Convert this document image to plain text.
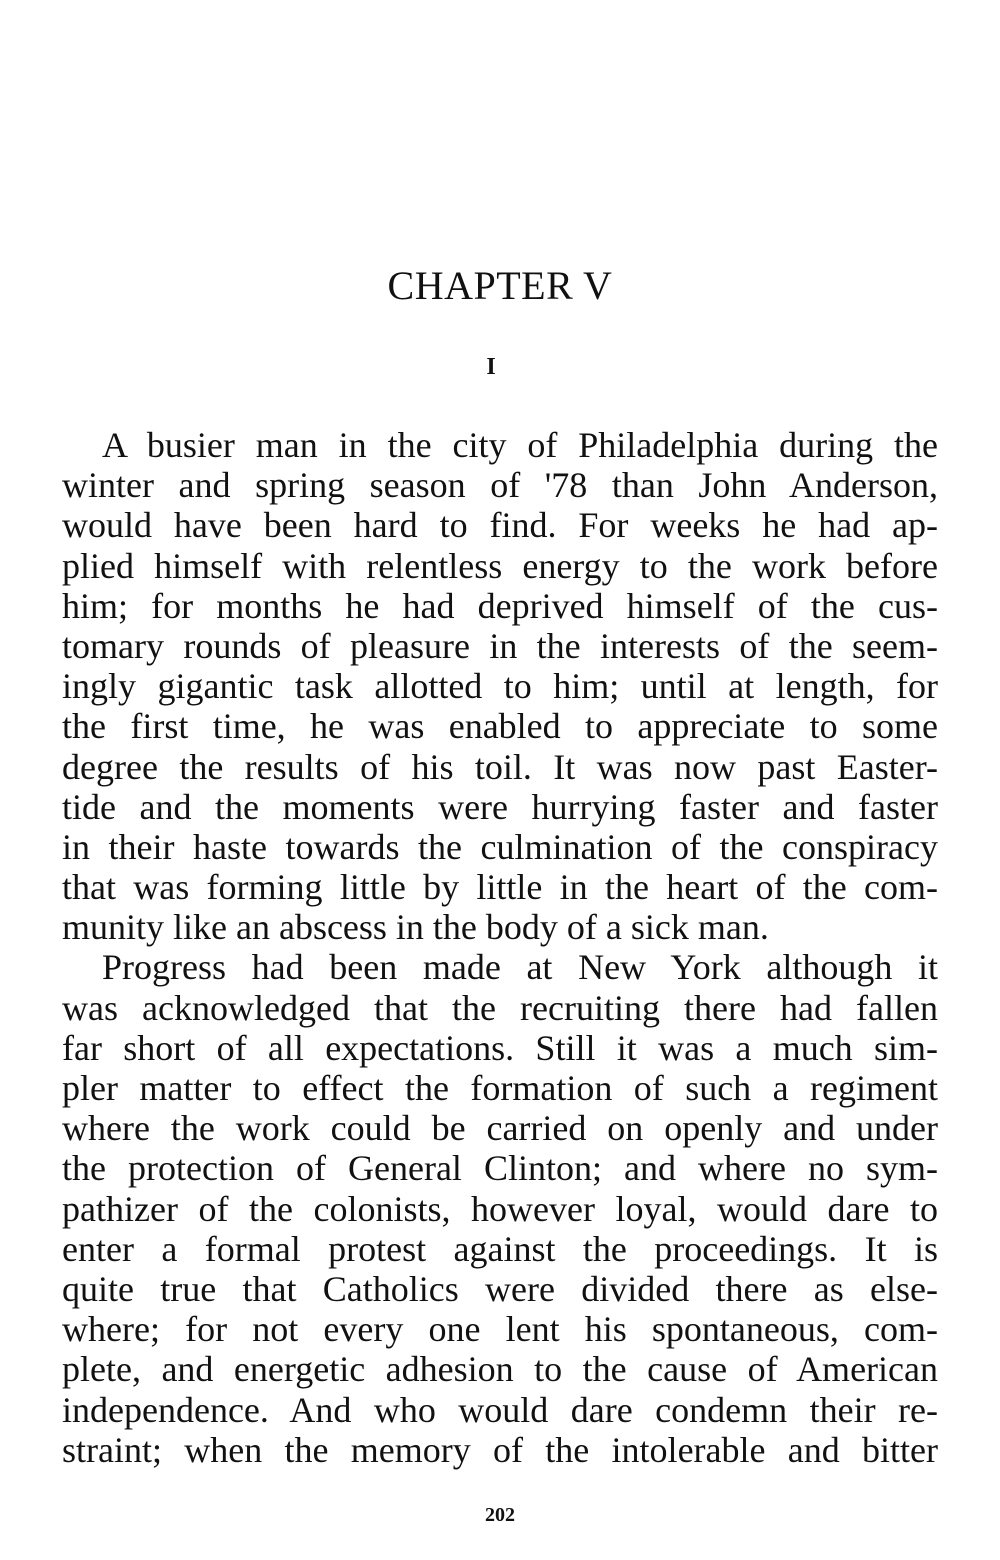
CHAPTER V
I
A busier man in the city of Philadelphia during the
winter and spring season of '78 than John Anderson,
would have been hard to find. For weeks he had ap-
plied himself with relentless energy to the work before
him; for months he had deprived himself of the cus-
tomary rounds of pleasure in the interests of the seem-
ingly gigantic task allotted to him; until at length, for
the first time, he was enabled to appreciate to some
degree the results of his toil. It was now past Easter-
tide and the moments were hurrying faster and faster
in their haste towards the culmination of the conspiracy
that was forming little by little in the heart of the com-
munity like an abscess in the body of a sick man.
Progress had been made at New York although it
was acknowledged that the recruiting there had fallen
far short of all expectations. Still it was a much sim-
pler matter to effect the formation of such a regiment
where the work could be carried on openly and under
the protection of General Clinton; and where no sym-
pathizer of the colonists, however loyal, would dare to
enter a formal protest against the proceedings. It is
quite true that Catholics were divided there as else-
where; for not every one lent his spontaneous, com-
plete, and energetic adhesion to the cause of American
independence. And who would dare condemn their re-
straint; when the memory of the intolerable and bitter
202
